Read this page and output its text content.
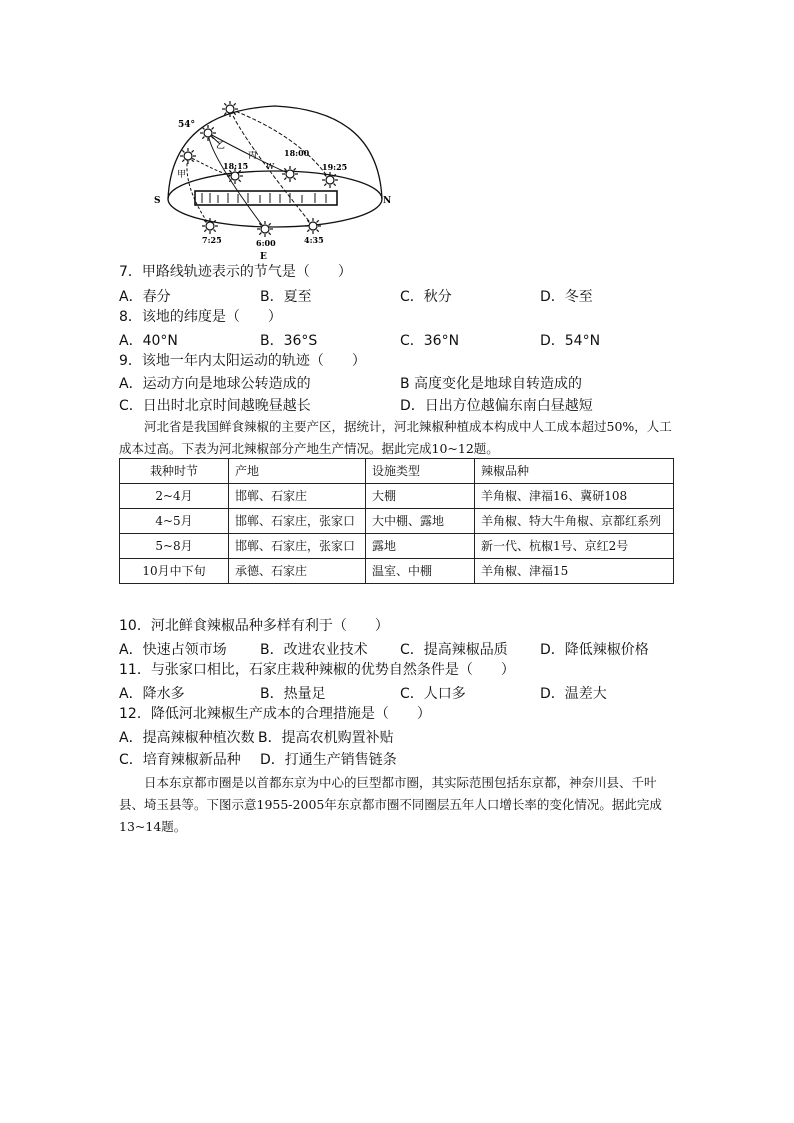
54°
甲
乙
丙
18:15
18:00
19:25
7:25	6:00	4:35
S	N
E
W
7．甲路线轨迹表示的节气是（　　）
A．春分	B．夏至	C．秋分	D．冬至
8．该地的纬度是（　　）
A．40°N	B．36°S	C．36°N	D．54°N
9．该地一年内太阳运动的轨迹（　　）
A．运动方向是地球公转造成的	B 高度变化是地球自转造成的
C．日出时北京时间越晚昼越长	D．日出方位越偏东南白昼越短
河北省是我国鲜食辣椒的主要产区，据统计，河北辣椒种植成本构成中人工成本超过50%，人工成本过高。下表为河北辣椒部分产地生产情况。据此完成10~12题。
栽种时节	产地	设施类型	辣椒品种
2~4月	邯郸、石家庄	大棚	羊角椒、津福16、冀研108
4~5月	邯郸、石家庄，张家口	大中棚、露地	羊角椒、特大牛角椒、京都红系列
5~8月	邯郸、石家庄，张家口	露地	新一代、杭椒1号、京红2号
10月中下旬	承德、石家庄	温室、中棚	羊角椒、津福15
10．河北鲜食辣椒品种多样有利于（　　）
A．快速占领市场 B．改进农业技术 C．提高辣椒品质 D．降低辣椒价格
11．与张家口相比，石家庄栽种辣椒的优势自然条件是（　　）
A．降水多	B．热量足	C．人口多	D．温差大
12．降低河北辣椒生产成本的合理措施是（　　）
A．提高辣椒种植次数 B．提高农机购置补贴
C．培育辣椒新品种 D．打通生产销售链条
日本东京都市圈是以首都东京为中心的巨型都市圈，其实际范围包括东京都，神奈川县、千叶县、埼玉县等。下图示意1955-2005年东京都市圈不同圈层五年人口增长率的变化情况。据此完成13~14题。
